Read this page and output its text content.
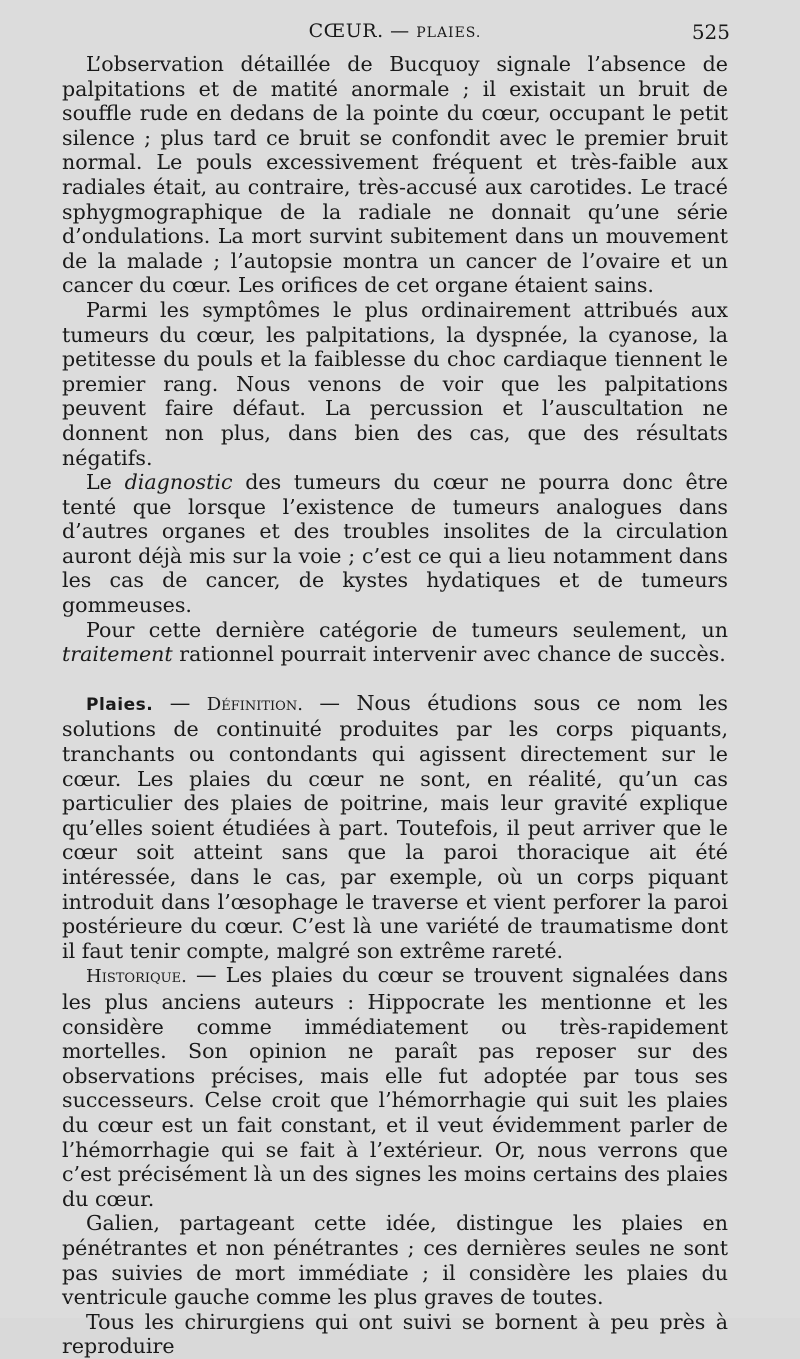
CŒUR. — PLAIES.	525

L’observation détaillée de Bucquoy signale l’absence de palpitations et de matité anormale ; il existait un bruit de souffle rude en dedans de la pointe du cœur, occupant le petit silence ; plus tard ce bruit se confondit avec le premier bruit normal. Le pouls excessivement fréquent et très-faible aux radiales était, au contraire, très-accusé aux carotides. Le tracé sphygmographique de la radiale ne donnait qu’une série d’ondulations. La mort survint subitement dans un mouvement de la malade ; l’autopsie montra un cancer de l’ovaire et un cancer du cœur. Les orifices de cet organe étaient sains.

Parmi les symptômes le plus ordinairement attribués aux tumeurs du cœur, les palpitations, la dyspnée, la cyanose, la petitesse du pouls et la faiblesse du choc cardiaque tiennent le premier rang. Nous venons de voir que les palpitations peuvent faire défaut. La percussion et l’auscultation ne donnent non plus, dans bien des cas, que des résultats négatifs.

Le diagnostic des tumeurs du cœur ne pourra donc être tenté que lorsque l’existence de tumeurs analogues dans d’autres organes et des troubles insolites de la circulation auront déjà mis sur la voie ; c’est ce qui a lieu notamment dans les cas de cancer, de kystes hydatiques et de tumeurs gommeuses.

Pour cette dernière catégorie de tumeurs seulement, un traitement rationnel pourrait intervenir avec chance de succès.

Plaies. — Définition. — Nous étudions sous ce nom les solutions de continuité produites par les corps piquants, tranchants ou contondants qui agissent directement sur le cœur. Les plaies du cœur ne sont, en réalité, qu’un cas particulier des plaies de poitrine, mais leur gravité explique qu’elles soient étudiées à part. Toutefois, il peut arriver que le cœur soit atteint sans que la paroi thoracique ait été intéressée, dans le cas, par exemple, où un corps piquant introduit dans l’œsophage le traverse et vient perforer la paroi postérieure du cœur. C’est là une variété de traumatisme dont il faut tenir compte, malgré son extrême rareté.

Historique. — Les plaies du cœur se trouvent signalées dans les plus anciens auteurs : Hippocrate les mentionne et les considère comme immédiatement ou très-rapidement mortelles. Son opinion ne paraît pas reposer sur des observations précises, mais elle fut adoptée par tous ses successeurs. Celse croit que l’hémorrhagie qui suit les plaies du cœur est un fait constant, et il veut évidemment parler de l’hémorrhagie qui se fait à l’extérieur. Or, nous verrons que c’est précisément là un des signes les moins certains des plaies du cœur.

Galien, partageant cette idée, distingue les plaies en pénétrantes et non pénétrantes ; ces dernières seules ne sont pas suivies de mort immédiate ; il considère les plaies du ventricule gauche comme les plus graves de toutes.

Tous les chirurgiens qui ont suivi se bornent à peu près à reproduire
